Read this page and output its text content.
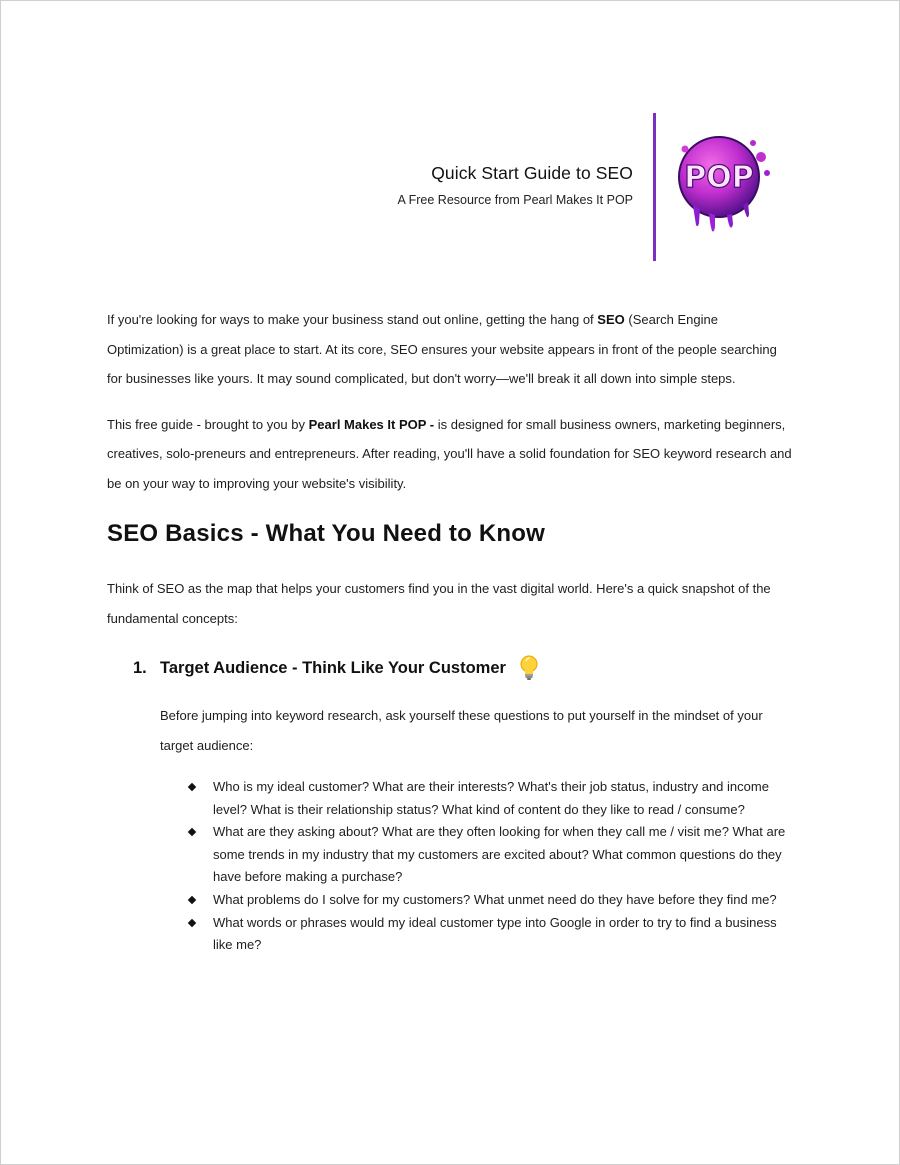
Quick Start Guide to SEO
A Free Resource from Pearl Makes It POP
POP

If you're looking for ways to make your business stand out online, getting the hang of SEO (Search Engine Optimization) is a great place to start. At its core, SEO ensures your website appears in front of the people searching for businesses like yours. It may sound complicated, but don't worry—we'll break it all down into simple steps.

This free guide - brought to you by Pearl Makes It POP - is designed for small business owners, marketing beginners, creatives, solo-preneurs and entrepreneurs. After reading, you'll have a solid foundation for SEO keyword research and be on your way to improving your website's visibility.

SEO Basics - What You Need to Know

Think of SEO as the map that helps your customers find you in the vast digital world. Here's a quick snapshot of the fundamental concepts:

1. Target Audience - Think Like Your Customer

Before jumping into keyword research, ask yourself these questions to put yourself in the mindset of your target audience:

Who is my ideal customer? What are their interests? What's their job status, industry and income level? What is their relationship status? What kind of content do they like to read / consume?
What are they asking about? What are they often looking for when they call me / visit me? What are some trends in my industry that my customers are excited about? What common questions do they have before making a purchase?
What problems do I solve for my customers? What unmet need do they have before they find me?
What words or phrases would my ideal customer type into Google in order to try to find a business like me?
